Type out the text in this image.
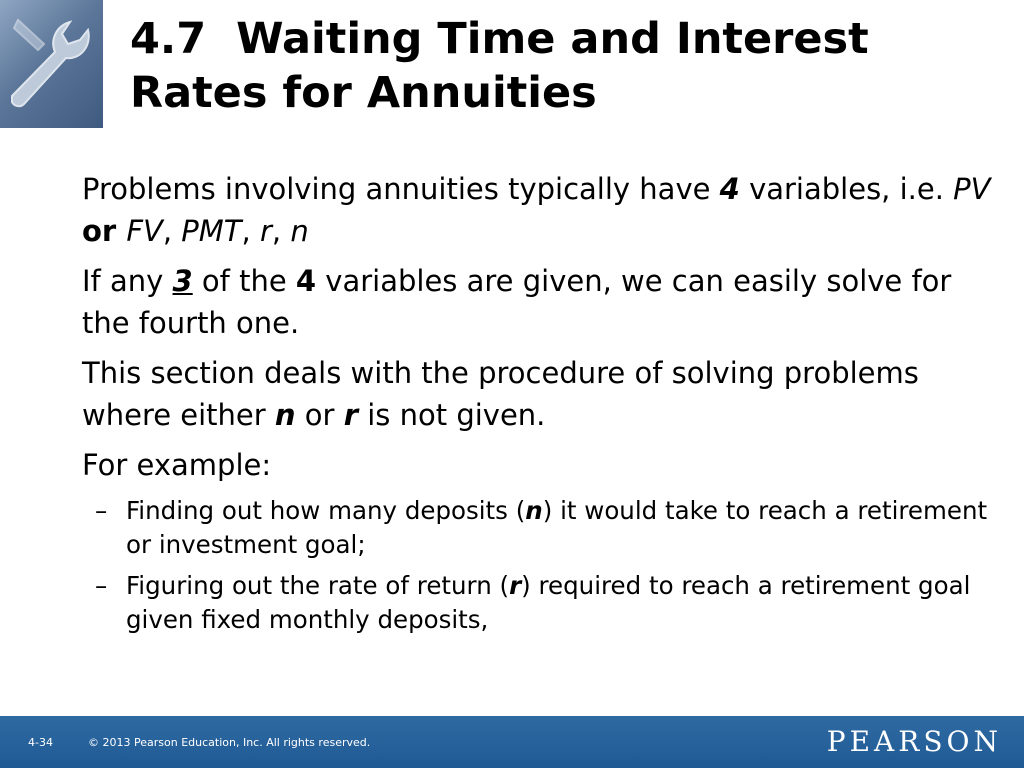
4.7  Waiting Time and Interest Rates for Annuities

Problems involving annuities typically have 4 variables, i.e. PV or FV, PMT, r, n

If any 3 of the 4 variables are given, we can easily solve for the fourth one.

This section deals with the procedure of solving problems where either n or r is not given.

For example:

– Finding out how many deposits (n) it would take to reach a retirement or investment goal;

– Figuring out the rate of return (r) required to reach a retirement goal given fixed monthly deposits,

4-34	© 2013 Pearson Education, Inc. All rights reserved.	PEARSON
